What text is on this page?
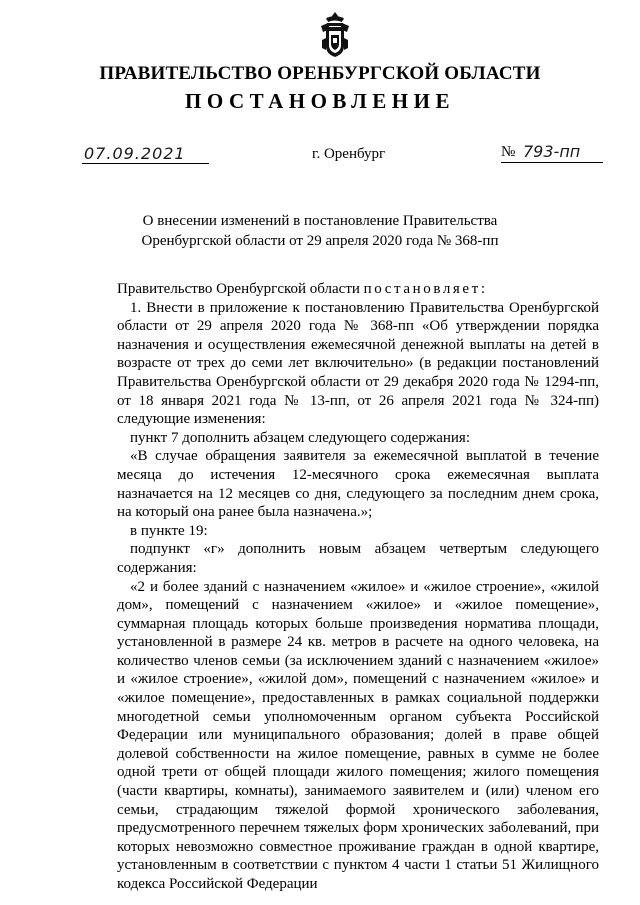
ПРАВИТЕЛЬСТВО ОРЕНБУРГСКОЙ ОБЛАСТИ
ПОСТАНОВЛЕНИЕ
07.09.2021	г. Оренбург	№ 793-пп
О внесении изменений в постановление Правительства
Оренбургской области от 29 апреля 2020 года № 368-пп

Правительство Оренбургской области постановляет:

1. Внести в приложение к постановлению Правительства Оренбургской области от 29 апреля 2020 года № 368-пп «Об утверждении порядка назначения и осуществления ежемесячной денежной выплаты на детей в возрасте от трех до семи лет включительно» (в редакции постановлений Правительства Оренбургской области от 29 декабря 2020 года № 1294-пп, от 18 января 2021 года № 13-пп, от 26 апреля 2021 года № 324-пп) следующие изменения:

пункт 7 дополнить абзацем следующего содержания:

«В случае обращения заявителя за ежемесячной выплатой в течение месяца до истечения 12-месячного срока ежемесячная выплата назначается на 12 месяцев со дня, следующего за последним днем срока, на который она ранее была назначена.»;

в пункте 19:

подпункт «г» дополнить новым абзацем четвертым следующего содержания:

«2 и более зданий с назначением «жилое» и «жилое строение», «жилой дом», помещений с назначением «жилое» и «жилое помещение», суммарная площадь которых больше произведения норматива площади, установленной в размере 24 кв. метров в расчете на одного человека, на количество членов семьи (за исключением зданий с назначением «жилое» и «жилое строение», «жилой дом», помещений с назначением «жилое» и «жилое помещение», предоставленных в рамках социальной поддержки многодетной семьи уполномоченным органом субъекта Российской Федерации или муниципального образования; долей в праве общей долевой собственности на жилое помещение, равных в сумме не более одной трети от общей площади жилого помещения; жилого помещения (части квартиры, комнаты), занимаемого заявителем и (или) членом его семьи, страдающим тяжелой формой хронического заболевания, предусмотренного перечнем тяжелых форм хронических заболеваний, при которых невозможно совместное проживание граждан в одной квартире, установленным в соответствии с пунктом 4 части 1 статьи 51 Жилищного кодекса Российской Федерации
